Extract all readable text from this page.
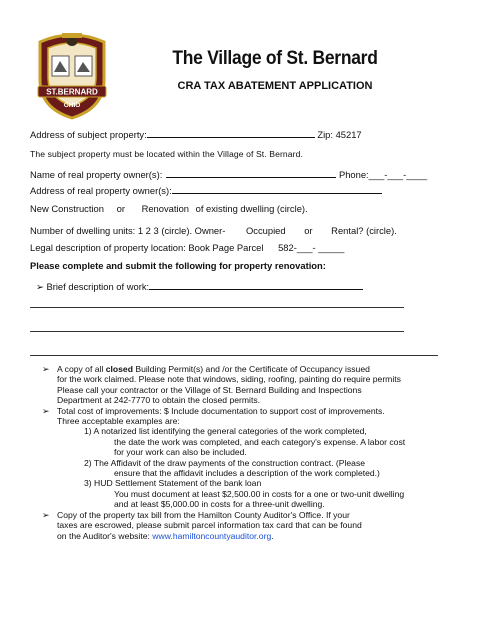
ST.BERNARD
OHIO
The Village of St. Bernard
CRA TAX ABATEMENT APPLICATION
Address of subject property:	Zip: 45217
The subject property must be located within the Village of St. Bernard.
Name of real property owner(s):	Phone:___-___-____
Address of real property owner(s):
New Construction or Renovation of existing dwelling (circle).
Number of dwelling units: 1 2 3 (circle). Owner- Occupied or Rental? (circle).
Legal description of property location: Book Page Parcel 582-___- _____
Please complete and submit the following for property renovation:
➢ Brief description of work:
➢ A copy of all closed Building Permit(s) and /or the Certificate of Occupancy issued
for the work claimed. Please note that windows, siding, roofing, painting do require permits
Please call your contractor or the Village of St. Bernard Building and Inspections
Department at 242-7770 to obtain the closed permits.
➢ Total cost of improvements: $ Include documentation to support cost of improvements.
Three acceptable examples are:
1) A notarized list identifying the general categories of the work completed,
the date the work was completed, and each category's expense. A labor cost
for your work can also be included.
2) The Affidavit of the draw payments of the construction contract. (Please
ensure that the affidavit includes a description of the work completed.)
3) HUD Settlement Statement of the bank loan
You must document at least $2,500.00 in costs for a one or two-unit dwelling
and at least $5,000.00 in costs for a three-unit dwelling.
➢ Copy of the property tax bill from the Hamilton County Auditor's Office. If your
taxes are escrowed, please submit parcel information tax card that can be found
on the Auditor's website: www.hamiltoncountyauditor.org.
